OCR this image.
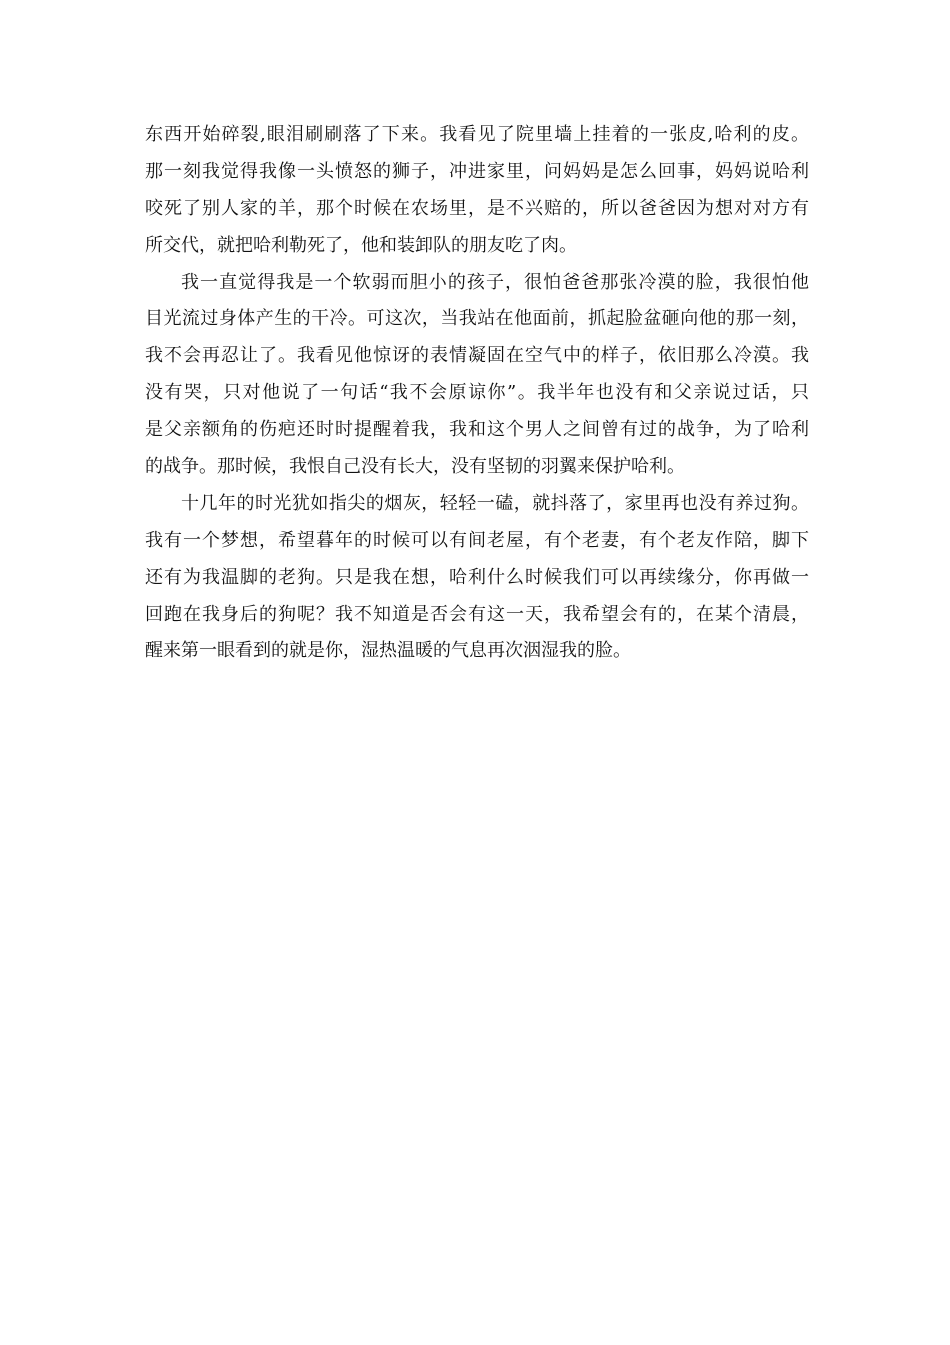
东西开始碎裂,眼泪刷刷落了下来。我看见了院里墙上挂着的一张皮,哈利的皮。
那一刻我觉得我像一头愤怒的狮子，冲进家里，问妈妈是怎么回事，妈妈说哈利
咬死了别人家的羊，那个时候在农场里，是不兴赔的，所以爸爸因为想对对方有
所交代，就把哈利勒死了，他和装卸队的朋友吃了肉。
我一直觉得我是一个软弱而胆小的孩子，很怕爸爸那张冷漠的脸，我很怕他
目光流过身体产生的干冷。可这次，当我站在他面前，抓起脸盆砸向他的那一刻，
我不会再忍让了。我看见他惊讶的表情凝固在空气中的样子，依旧那么冷漠。我
没有哭，只对他说了一句话“我不会原谅你”。我半年也没有和父亲说过话，只
是父亲额角的伤疤还时时提醒着我，我和这个男人之间曾有过的战争，为了哈利
的战争。那时候，我恨自己没有长大，没有坚韧的羽翼来保护哈利。
十几年的时光犹如指尖的烟灰，轻轻一磕，就抖落了，家里再也没有养过狗。
我有一个梦想，希望暮年的时候可以有间老屋，有个老妻，有个老友作陪，脚下
还有为我温脚的老狗。只是我在想，哈利什么时候我们可以再续缘分，你再做一
回跑在我身后的狗呢？我不知道是否会有这一天，我希望会有的，在某个清晨，
醒来第一眼看到的就是你，湿热温暖的气息再次洇湿我的脸。
